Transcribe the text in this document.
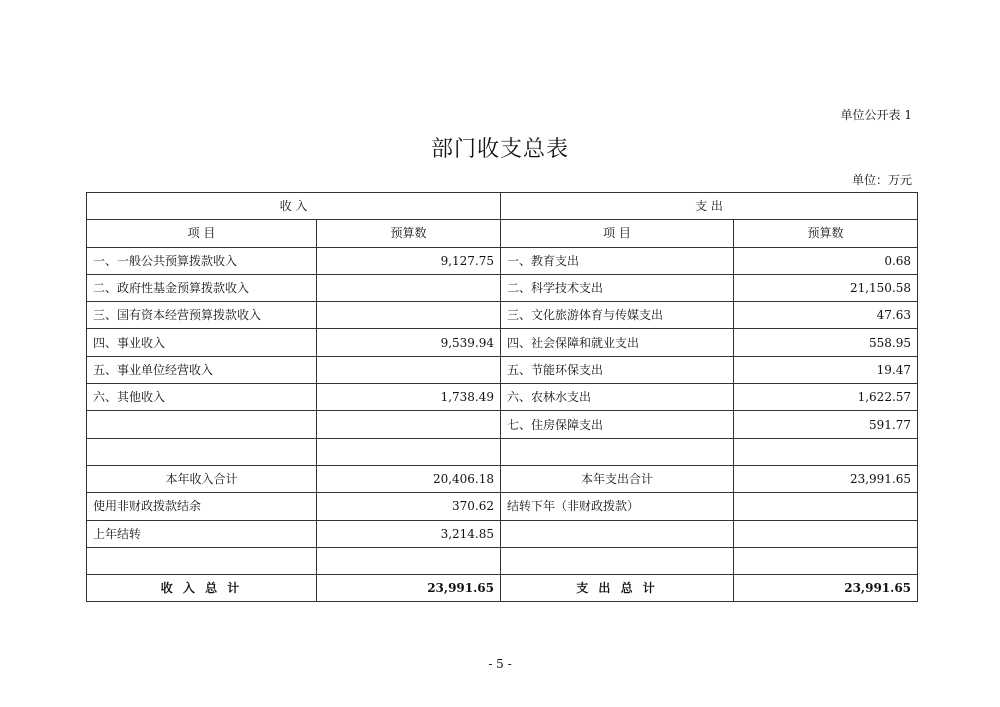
单位公开表 1
部门收支总表
单位：万元
收 入		支 出	
项 目	预算数	项 目	预算数
一、一般公共预算拨款收入	9,127.75	一、教育支出	0.68
二、政府性基金预算拨款收入		二、科学技术支出	21,150.58
三、国有资本经营预算拨款收入		三、文化旅游体育与传媒支出	47.63
四、事业收入	9,539.94	四、社会保障和就业支出	558.95
五、事业单位经营收入		五、节能环保支出	19.47
六、其他收入	1,738.49	六、农林水支出	1,622.57
		七、住房保障支出	591.77

本年收入合计	20,406.18	本年支出合计	23,991.65
使用非财政拨款结余	370.62	结转下年（非财政拨款）	
上年结转	3,214.85		

收 入 总 计	23,991.65	支 出 总 计	23,991.65
- 5 -
